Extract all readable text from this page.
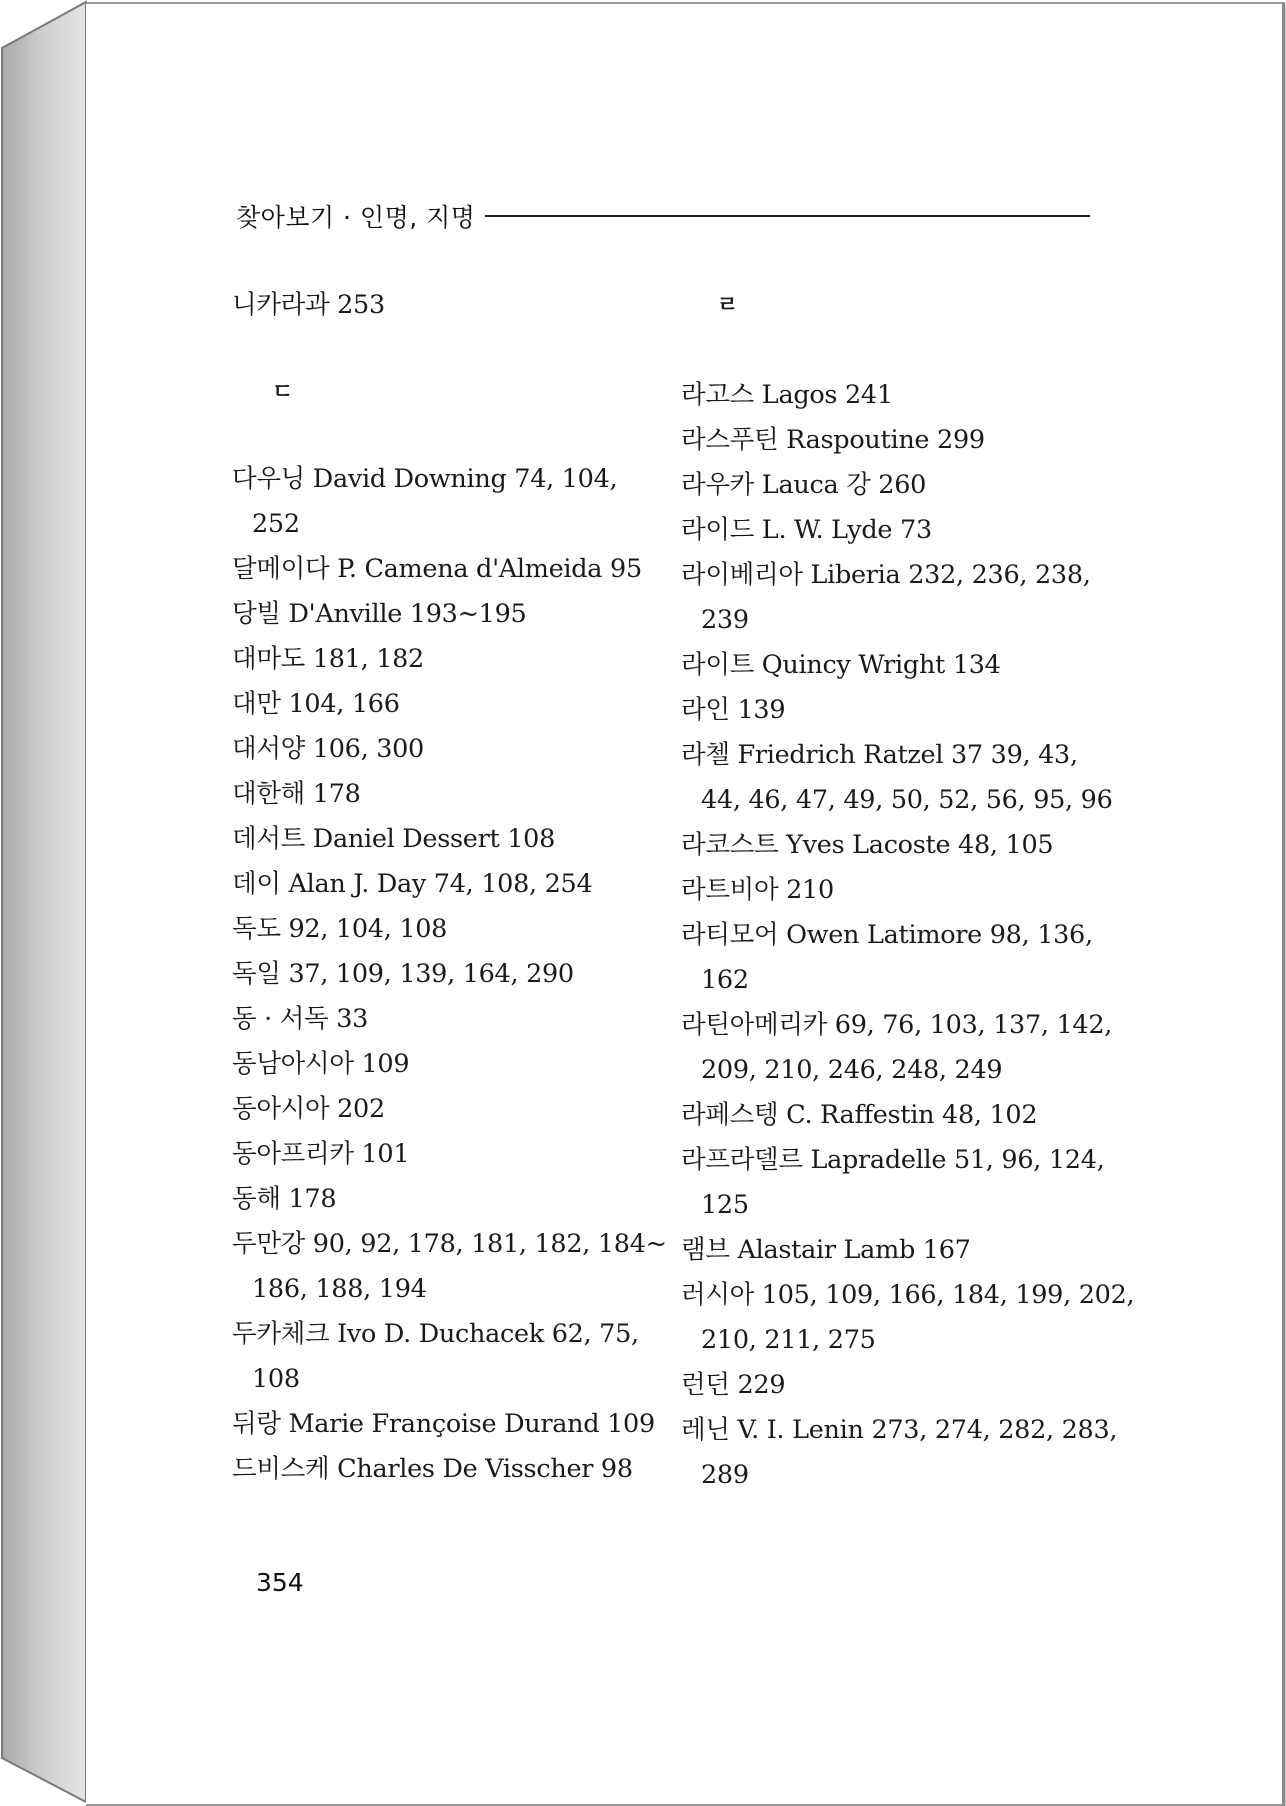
찾아보기 · 인명, 지명
니카라과 253
ㄷ
다우닝 David Downing 74, 104,
252
달메이다 P. Camena d'Almeida 95
당빌 D'Anville 193~195
대마도 181, 182
대만 104, 166
대서양 106, 300
대한해 178
데서트 Daniel Dessert 108
데이 Alan J. Day 74, 108, 254
독도 92, 104, 108
독일 37, 109, 139, 164, 290
동 · 서독 33
동남아시아 109
동아시아 202
동아프리카 101
동해 178
두만강 90, 92, 178, 181, 182, 184~
186, 188, 194
두카체크 Ivo D. Duchacek 62, 75,
108
뒤랑 Marie Françoise Durand 109
드비스케 Charles De Visscher 98
ㄹ
라고스 Lagos 241
라스푸틴 Raspoutine 299
라우카 Lauca 강 260
라이드 L. W. Lyde 73
라이베리아 Liberia 232, 236, 238,
239
라이트 Quincy Wright 134
라인 139
라첼 Friedrich Ratzel 37 39, 43,
44, 46, 47, 49, 50, 52, 56, 95, 96
라코스트 Yves Lacoste 48, 105
라트비아 210
라티모어 Owen Latimore 98, 136,
162
라틴아메리카 69, 76, 103, 137, 142,
209, 210, 246, 248, 249
라페스텡 C. Raffestin 48, 102
라프라델르 Lapradelle 51, 96, 124,
125
램브 Alastair Lamb 167
러시아 105, 109, 166, 184, 199, 202,
210, 211, 275
런던 229
레닌 V. I. Lenin 273, 274, 282, 283,
289
354
